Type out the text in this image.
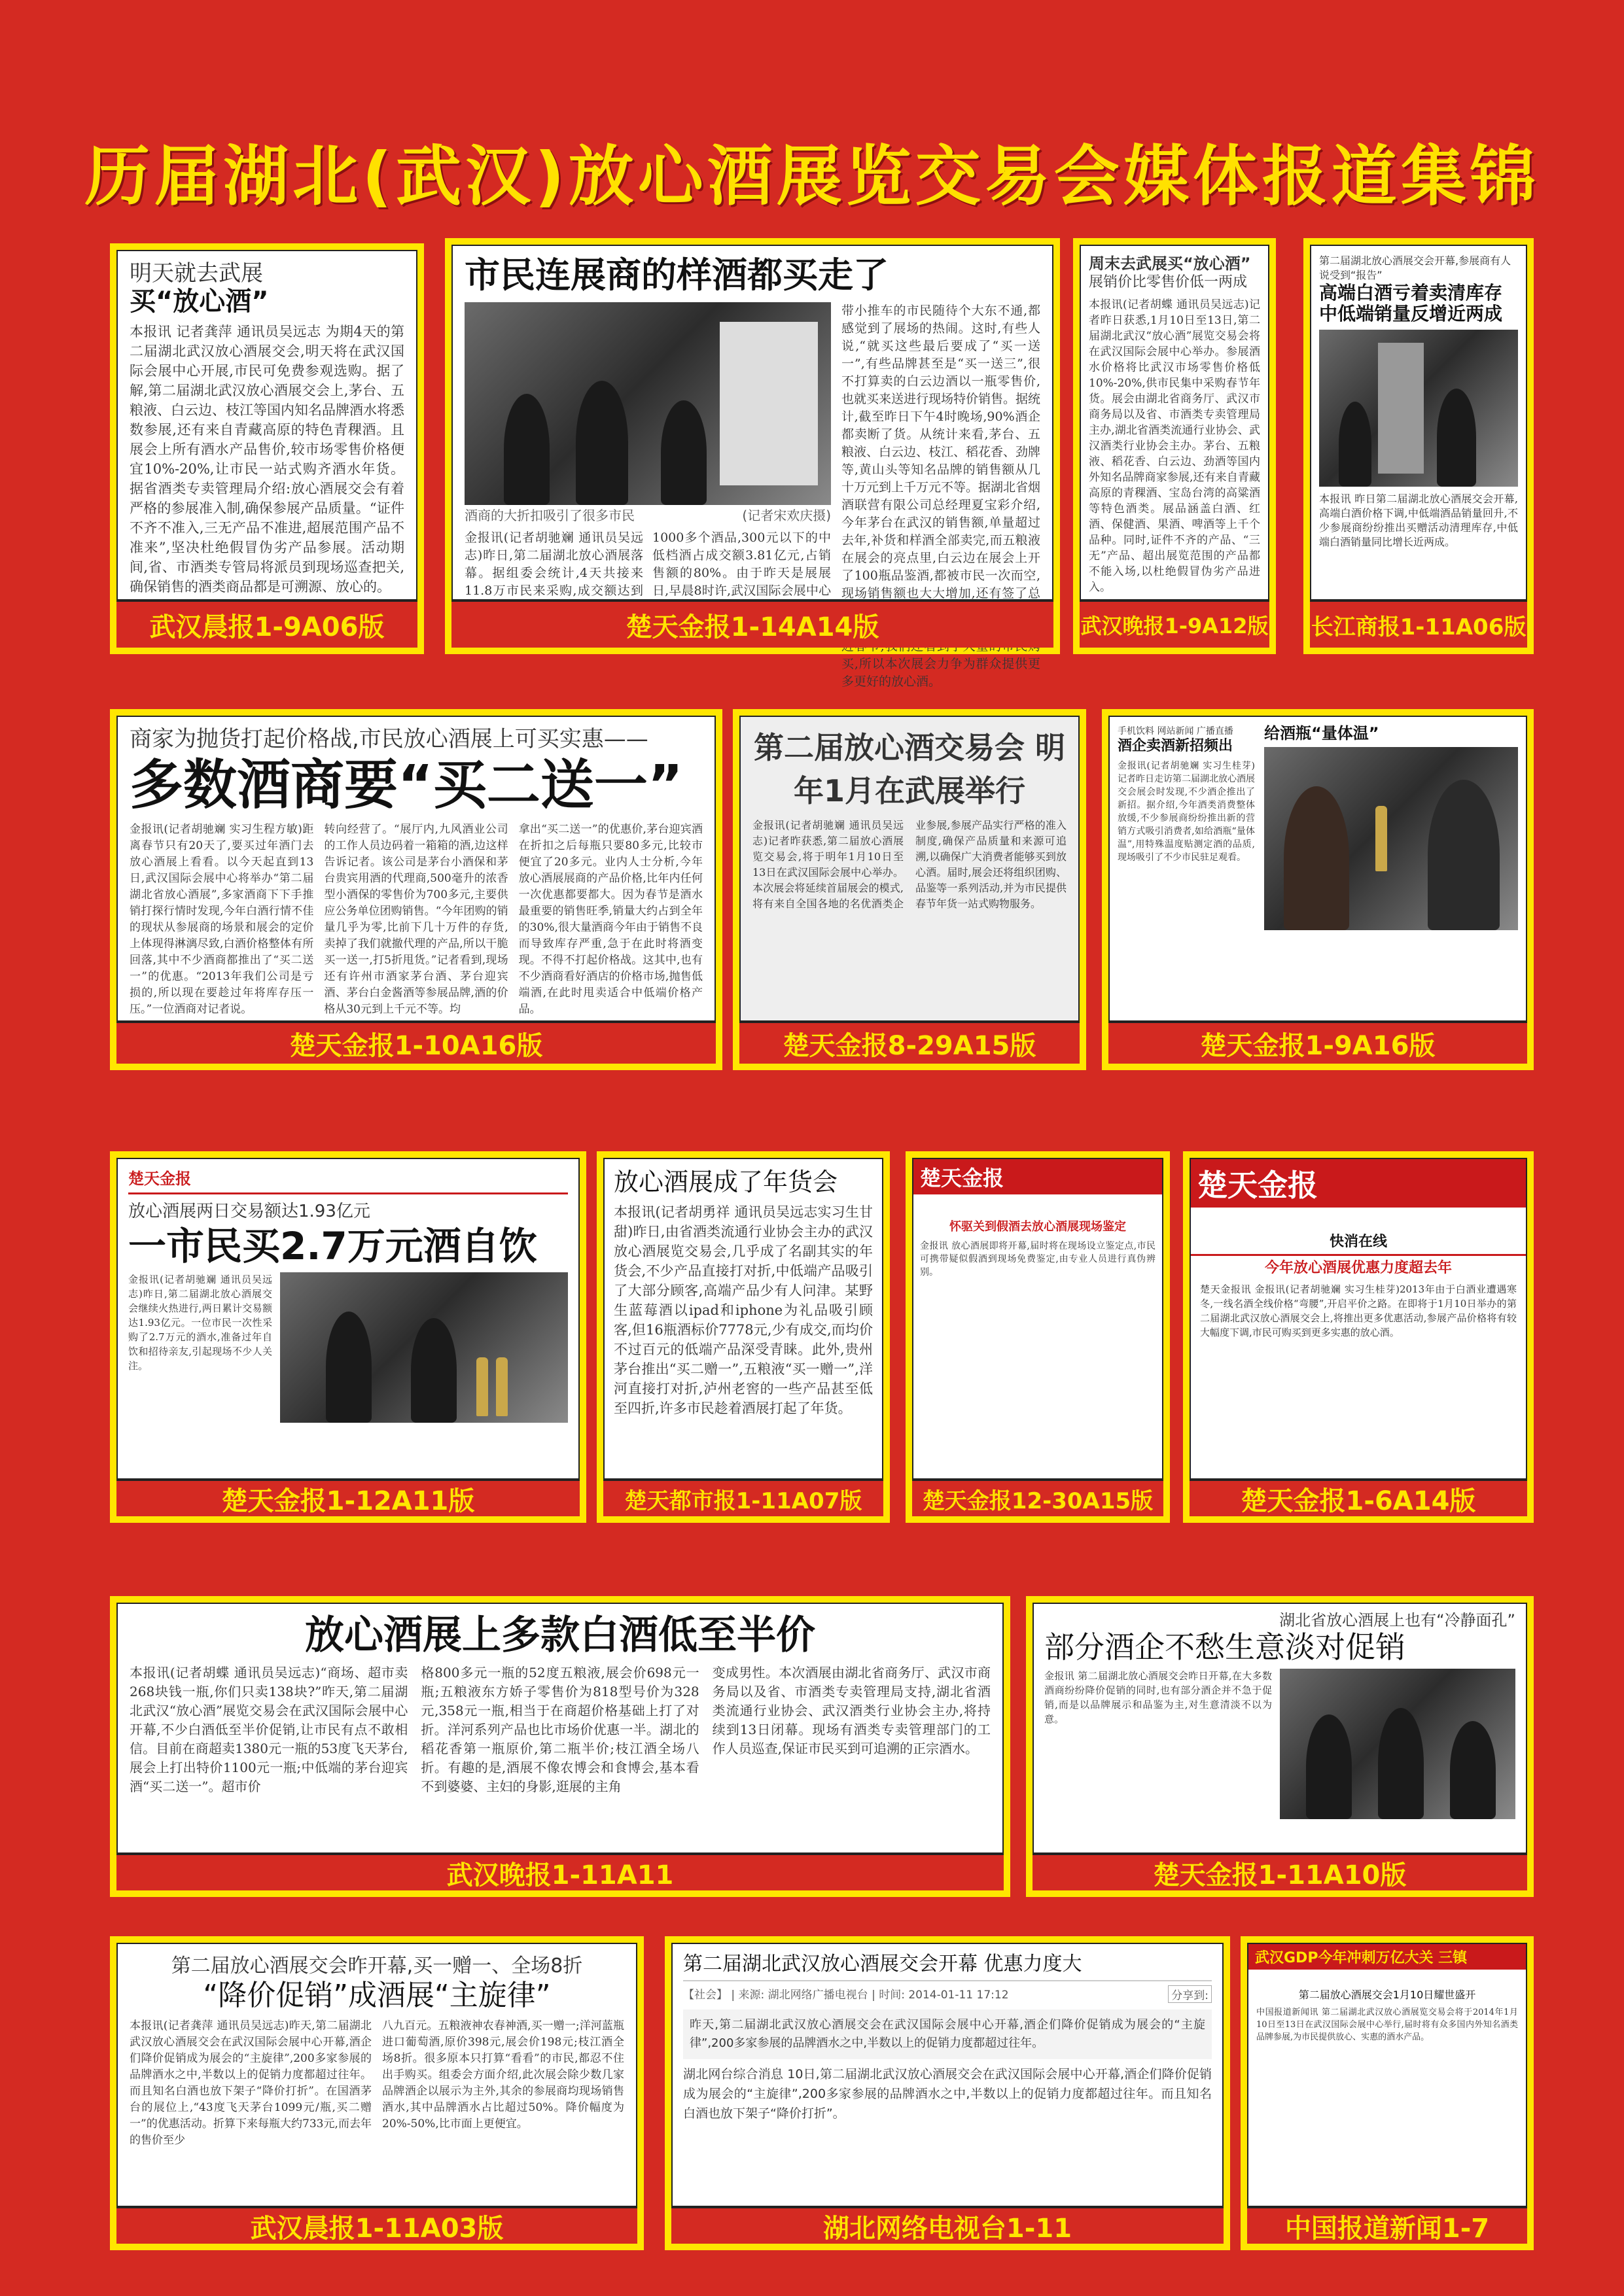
历届湖北(武汉)放心酒展览交易会媒体报道集锦
明天就去武展
买“放心酒”
本报讯 记者龚萍 通讯员吴远志 为期4天的第二届湖北武汉放心酒展交会,明天将在武汉国际会展中心开展,市民可免费参观选购。据了解,第二届湖北武汉放心酒展交会上,茅台、五粮液、白云边、枝江等国内知名品牌酒水将悉数参展,还有来自青藏高原的特色青稞酒。且展会上所有酒水产品售价,较市场零售价格便宜10%-20%,让市民一站式购齐酒水年货。据省酒类专卖管理局介绍:放心酒展交会有着严格的参展准入制,确保参展产品质量。“证件不齐不准入,三无产品不准进,超展范围产品不准来”,坚决杜绝假冒伪劣产品参展。活动期间,省、市酒类专管局将派员到现场巡查把关,确保销售的酒类商品都是可溯源、放心的。
武汉晨报1-9A06版
市民连展商的样酒都买走了
酒商的大折扣吸引了很多市民	(记者宋欢庆摄)
金报讯(记者胡驰斓 通讯员吴远志)昨日,第二届湖北放心酒展落幕。据组委会统计,4天共接来11.8万市民来采购,成交额达到
1000多个酒品,300元以下的中低档酒占成交额3.81亿元,占销售额的80%。由于昨天是展展日,早晨8时许,武汉国际会展中心
带小推车的市民随待个大东不通,都感觉到了展场的热闹。这时,有些人说,“就买这些最后要成了“买一送一”,有些品牌甚至是“买一送三”,很不打算卖的白云边酒以一瓶零售价,也就买来送进行现场特价销售。据统计,截至昨日下午4时晚场,90%酒企都卖断了货。从统计来看,茅台、五粮液、白云边、枝江、稻花香、劲牌等,黄山头等知名品牌的销售额从几十万元到上千万元不等。据湖北省烟酒联营有限公司总经理夏宝彩介绍,今年茅台在武汉的销售额,单量超过去年,补货和样酒全部卖完,而五粮液在展会的亮点里,白云边在展会上开了100瓶品鉴酒,都被市民一次而空,现场销售额也大大增加,还有签了总 买,所以本次展会力争为群众提供更多更好的放心酒。
楚天金报1-14A14版
周末去武展买“放心酒”
展销价比零售价低一两成
本报讯(记者胡蝶 通讯员吴远志)记者昨日获悉,1月10日至13日,第二届湖北武汉“放心酒”展览交易会将在武汉国际会展中心举办。参展酒水价格将比武汉市场零售价格低10%-20%,供市民集中采购春节年货。展会由湖北省商务厅、武汉市商务局以及省、市酒类专卖管理局主办,湖北省酒类流通行业协会、武汉酒类行业协会主办。茅台、五粮液、稻花香、白云边、劲酒等国内外知名品牌商家参展,还有来自青藏高原的青稞酒、宝岛台湾的高粱酒等特色酒类。展品涵盖白酒、红酒、保健酒、果酒、啤酒等上千个品种。同时,证件不齐的产品、“三无”产品、超出展览范围的产品都不能入场,以杜绝假冒伪劣产品进入。
武汉晚报1-9A12版
第二届湖北放心酒展交会开幕,参展商有人说受到“报告”
高端白酒亏着卖清库存 中低端销量反增近两成
本报讯 昨日第二届湖北放心酒展交会开幕,高端白酒价格下调,中低端酒品销量回升,不少参展商纷纷推出买赠活动清理库存,中低端白酒销量同比增长近两成。
长江商报1-11A06版
商家为抛货打起价格战,市民放心酒展上可买实惠——
多数酒商要“买二送一”
金报讯(记者胡驰斓 实习生程方敏)距离春节只有20天了,要买过年酒门去放心酒展上看看。以今天起直到13日,武汉国际会展中心将举办“第二届湖北省放心酒展”,多家酒商下下手推销打探行情时发现,今年白酒行情不佳的现状从参展商的场景和展会的定价上体现得淋漓尽致,白酒价格整体有所回落,其中不少酒商都推出了“买二送一”的优惠。“2013年我们公司是亏损的,所以现在要趁过年将库存压一压。”一位酒商对记者说。
转向经营了。“展厅内,九风酒业公司的工作人员边码着一箱箱的酒,边这样告诉记者。该公司是茅台小酒保和茅台贵宾用酒的代理商,500毫升的浓香型小酒保的零售价为700多元,主要供应公务单位团购销售。“今年团购的销量几乎为零,比前下几十万件的存货,卖掉了我们就撤代理的产品,所以干脆买一送一,打5折甩货。”记者看到,现场还有许州市酒家茅台酒、茅台迎宾酒、茅台白金酱酒等参展品牌,酒的价格从30元到上千元不等。均
拿出“买二送一”的优惠价,茅台迎宾酒在折扣之后每瓶只要80多元,比较市便宜了20多元。业内人士分析,今年放心酒展展商的产品价格,比年内任何一次优惠都要都大。因为春节是酒水最重要的销售旺季,销量大约占到全年的30%,很大量酒商今年由于销售不良而导致库存严重,急于在此时将酒变现。不得不打起价格战。这其中,也有不少酒商看好酒店的价格市场,抛售低端酒,在此时甩卖适合中低端价格产品。
楚天金报1-10A16版
第二届放心酒交易会 明年1月在武展举行
金报讯(记者胡驰斓 通讯员吴远志)记者昨获悉,第二届放心酒展览交易会,将于明年1月10日至13日在武汉国际会展中心举办。本次展会将延续首届展会的模式,将有来自全国各地的名优酒类企业参展,参展产品实行严格的准入制度,确保产品质量和来源可追溯,以确保广大消费者能够买到放心酒。届时,展会还将组织团购、品鉴等一系列活动,并为市民提供春节年货一站式购物服务。
楚天金报8-29A15版
手机饮料 网站新闻 广播直播
酒企卖酒新招频出
金报讯(记者胡驰斓 实习生桂芽)记者昨日走访第二届湖北放心酒展交会展会时发现,不少酒企推出了新招。据介绍,今年酒类消费整体放缓,不少参展商纷纷推出新的营销方式吸引消费者,如给酒瓶“量体温”,用特殊温度贴测定酒的品质,现场吸引了不少市民驻足观看。
给酒瓶“量体温”
楚天金报1-9A16版
楚天金报
放心酒展两日交易额达1.93亿元
一市民买2.7万元酒自饮
金报讯(记者胡驰斓 通讯员吴远志)昨日,第二届湖北放心酒展交会继续火热进行,两日累计交易额达1.93亿元。一位市民一次性采购了2.7万元的酒水,准备过年自饮和招待亲友,引起现场不少人关注。
楚天金报1-12A11版
放心酒展成了年货会
本报讯(记者胡勇祥 通讯员吴远志实习生甘甜)昨日,由省酒类流通行业协会主办的武汉放心酒展览交易会,几乎成了名副其实的年货会,不少产品直接打对折,中低端产品吸引了大部分顾客,高端产品少有人问津。某野生蓝莓酒以ipad和iphone为礼品吸引顾客,但16瓶酒标价7778元,少有成交,而均价不过百元的低端产品深受青睐。此外,贵州茅台推出“买二赠一”,五粮液“买一赠一”,洋河直接打对折,泸州老窖的一些产品甚至低至四折,许多市民趁着酒展打起了年货。
楚天都市报1-11A07版
楚天金报
怀驱关到假酒去放心酒展现场鉴定
金报讯 放心酒展即将开幕,届时将在现场设立鉴定点,市民可携带疑似假酒到现场免费鉴定,由专业人员进行真伪辨别。
楚天金报12-30A15版
楚天金报
快消在线
今年放心酒展优惠力度超去年
楚天金报讯 金报讯(记者胡驰斓 实习生桂芽)2013年由于白酒业遭遇寒冬,一线名酒全线价格“弯腰”,开启平价之路。在即将于1月10日举办的第二届湖北武汉放心酒展交会上,将推出更多优惠活动,参展产品价格将有较大幅度下调,市民可购买到更多实惠的放心酒。
楚天金报1-6A14版
放心酒展上多款白酒低至半价
本报讯(记者胡蝶 通讯员吴远志)“商场、超市卖268块钱一瓶,你们只卖138块?”昨天,第二届湖北武汉“放心酒”展览交易会在武汉国际会展中心开幕,不少白酒低至半价促销,让市民有点不敢相信。目前在商超卖1380元一瓶的53度飞天茅台,展会上打出特价1100元一瓶;中低端的茅台迎宾酒“买二送一”。超市价
格800多元一瓶的52度五粮液,展会价698元一瓶;五粮液东方娇子零售价为818型号价为328元,358元一瓶,相当于在商超价格基础上打了对折。洋河系列产品也比市场价优惠一半。湖北的稻花香第一瓶原价,第二瓶半价;枝江酒全场八折。有趣的是,酒展不像农博会和食博会,基本看不到婆婆、主妇的身影,逛展的主角
变成男性。本次酒展由湖北省商务厅、武汉市商务局以及省、市酒类专卖管理局支持,湖北省酒类流通行业协会、武汉酒类行业协会主办,将持续到13日闭幕。现场有酒类专卖管理部门的工作人员巡查,保证市民买到可追溯的正宗酒水。
武汉晚报1-11A11
湖北省放心酒展上也有“冷静面孔”
部分酒企不愁生意淡对促销
金报讯 第二届湖北放心酒展交会昨日开幕,在大多数酒商纷纷降价促销的同时,也有部分酒企并不急于促销,而是以品牌展示和品鉴为主,对生意清淡不以为意。
楚天金报1-11A10版
第二届放心酒展交会昨开幕,买一赠一、全场8折
“降价促销”成酒展“主旋律”
本报讯(记者龚萍 通讯员吴远志)昨天,第二届湖北武汉放心酒展交会在武汉国际会展中心开幕,酒企们降价促销成为展会的“主旋律”,200多家参展的品牌酒水之中,半数以上的促销力度都超过往年。而且知名白酒也放下架子“降价打折”。在国酒茅台的展位上,“43度飞天茅台1099元/瓶,买二赠一”的优惠活动。折算下来每瓶大约733元,而去年的售价至少
八九百元。五粮液神农春神酒,买一赠一;洋河蓝瓶进口葡萄酒,原价398元,展会价198元;枝江酒全场8折。很多原本只打算“看看”的市民,都忍不住出手购买。组委会方面介绍,此次展会除少数几家品牌酒企以展示为主外,其余的参展商均现场销售酒水,其中品牌酒水占比超过50%。降价幅度为20%-50%,比市面上更便宜。
武汉晨报1-11A03版
第二届湖北武汉放心酒展交会开幕 优惠力度大
【社会】 | 来源: 湖北网络广播电视台 | 时间: 2014-01-11 17:12	分享到:
昨天,第二届湖北武汉放心酒展交会在武汉国际会展中心开幕,酒企们降价促销成为展会的“主旋律”,200多家参展的品牌酒水之中,半数以上的促销力度都超过往年。
湖北网台综合消息 10日,第二届湖北武汉放心酒展交会在武汉国际会展中心开幕,酒企们降价促销成为展会的“主旋律”,200多家参展的品牌酒水之中,半数以上的促销力度都超过往年。而且知名白酒也放下架子“降价打折”。
湖北网络电视台1-11
武汉GDP今年冲刺万亿大关 三镇
第二届放心酒展交会1月10日耀世盛开
中国报道新闻讯 第二届湖北武汉放心酒展览交易会将于2014年1月10日至13日在武汉国际会展中心举行,届时将有众多国内外知名酒类品牌参展,为市民提供放心、实惠的酒水产品。
中国报道新闻1-7
